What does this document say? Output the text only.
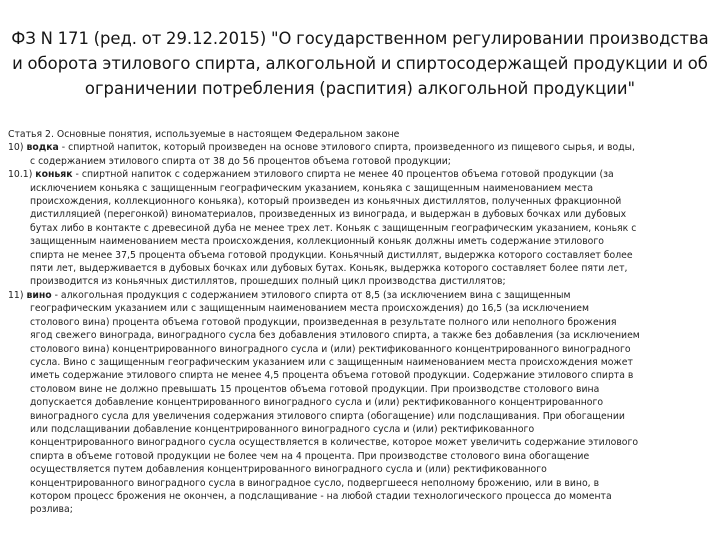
ФЗ N 171 (ред. от 29.12.2015) "О государственном регулировании производства
и оборота этилового спирта, алкогольной и спиртосодержащей продукции и об
ограничении потребления (распития) алкогольной продукции"
Статья 2. Основные понятия, используемые в настоящем Федеральном законе
10) водка - спиртной напиток, который произведен на основе этилового спирта, произведенного из пищевого сырья, и воды,
с содержанием этилового спирта от 38 до 56 процентов объема готовой продукции;
10.1) коньяк - спиртной напиток с содержанием этилового спирта не менее 40 процентов объема готовой продукции (за
исключением коньяка с защищенным географическим указанием, коньяка с защищенным наименованием места
происхождения, коллекционного коньяка), который произведен из коньячных дистиллятов, полученных фракционной
дистилляцией (перегонкой) виноматериалов, произведенных из винограда, и выдержан в дубовых бочках или дубовых
бутах либо в контакте с древесиной дуба не менее трех лет. Коньяк с защищенным географическим указанием, коньяк с
защищенным наименованием места происхождения, коллекционный коньяк должны иметь содержание этилового
спирта не менее 37,5 процента объема готовой продукции. Коньячный дистиллят, выдержка которого составляет более
пяти лет, выдерживается в дубовых бочках или дубовых бутах. Коньяк, выдержка которого составляет более пяти лет,
производится из коньячных дистиллятов, прошедших полный цикл производства дистиллятов;
11) вино - алкогольная продукция с содержанием этилового спирта от 8,5 (за исключением вина с защищенным
географическим указанием или с защищенным наименованием места происхождения) до 16,5 (за исключением
столового вина) процента объема готовой продукции, произведенная в результате полного или неполного брожения
ягод свежего винограда, виноградного сусла без добавления этилового спирта, а также без добавления (за исключением
столового вина) концентрированного виноградного сусла и (или) ректификованного концентрированного виноградного
сусла. Вино с защищенным географическим указанием или с защищенным наименованием места происхождения может
иметь содержание этилового спирта не менее 4,5 процента объема готовой продукции. Содержание этилового спирта в
столовом вине не должно превышать 15 процентов объема готовой продукции. При производстве столового вина
допускается добавление концентрированного виноградного сусла и (или) ректификованного концентрированного
виноградного сусла для увеличения содержания этилового спирта (обогащение) или подслащивания. При обогащении
или подслащивании добавление концентрированного виноградного сусла и (или) ректификованного
концентрированного виноградного сусла осуществляется в количестве, которое может увеличить содержание этилового
спирта в объеме готовой продукции не более чем на 4 процента. При производстве столового вина обогащение
осуществляется путем добавления концентрированного виноградного сусла и (или) ректификованного
концентрированного виноградного сусла в виноградное сусло, подвергшееся неполному брожению, или в вино, в
котором процесс брожения не окончен, а подслащивание - на любой стадии технологического процесса до момента
розлива;
